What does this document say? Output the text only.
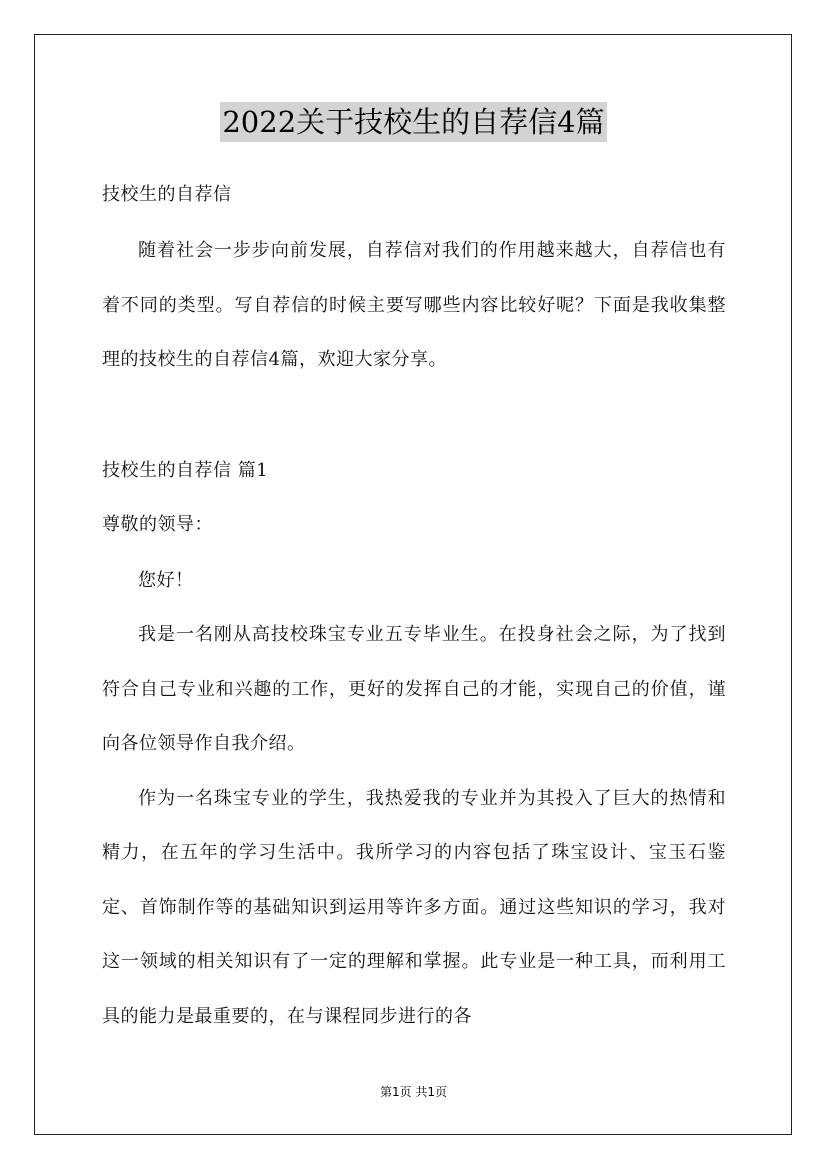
2022关于技校生的自荐信4篇
技校生的自荐信

随着社会一步步向前发展，自荐信对我们的作用越来越大，自荐信也有着不同的类型。写自荐信的时候主要写哪些内容比较好呢？下面是我收集整理的技校生的自荐信4篇，欢迎大家分享。

技校生的自荐信 篇1
尊敬的领导：

您好！

我是一名刚从高技校珠宝专业五专毕业生。在投身社会之际，为了找到符合自己专业和兴趣的工作，更好的发挥自己的才能，实现自己的价值，谨向各位领导作自我介绍。

作为一名珠宝专业的学生，我热爱我的专业并为其投入了巨大的热情和精力，在五年的学习生活中。我所学习的内容包括了珠宝设计、宝玉石鉴定、首饰制作等的基础知识到运用等许多方面。通过这些知识的学习，我对这一领域的相关知识有了一定的理解和掌握。此专业是一种工具，而利用工具的能力是最重要的，在与课程同步进行的各

第1页 共1页
